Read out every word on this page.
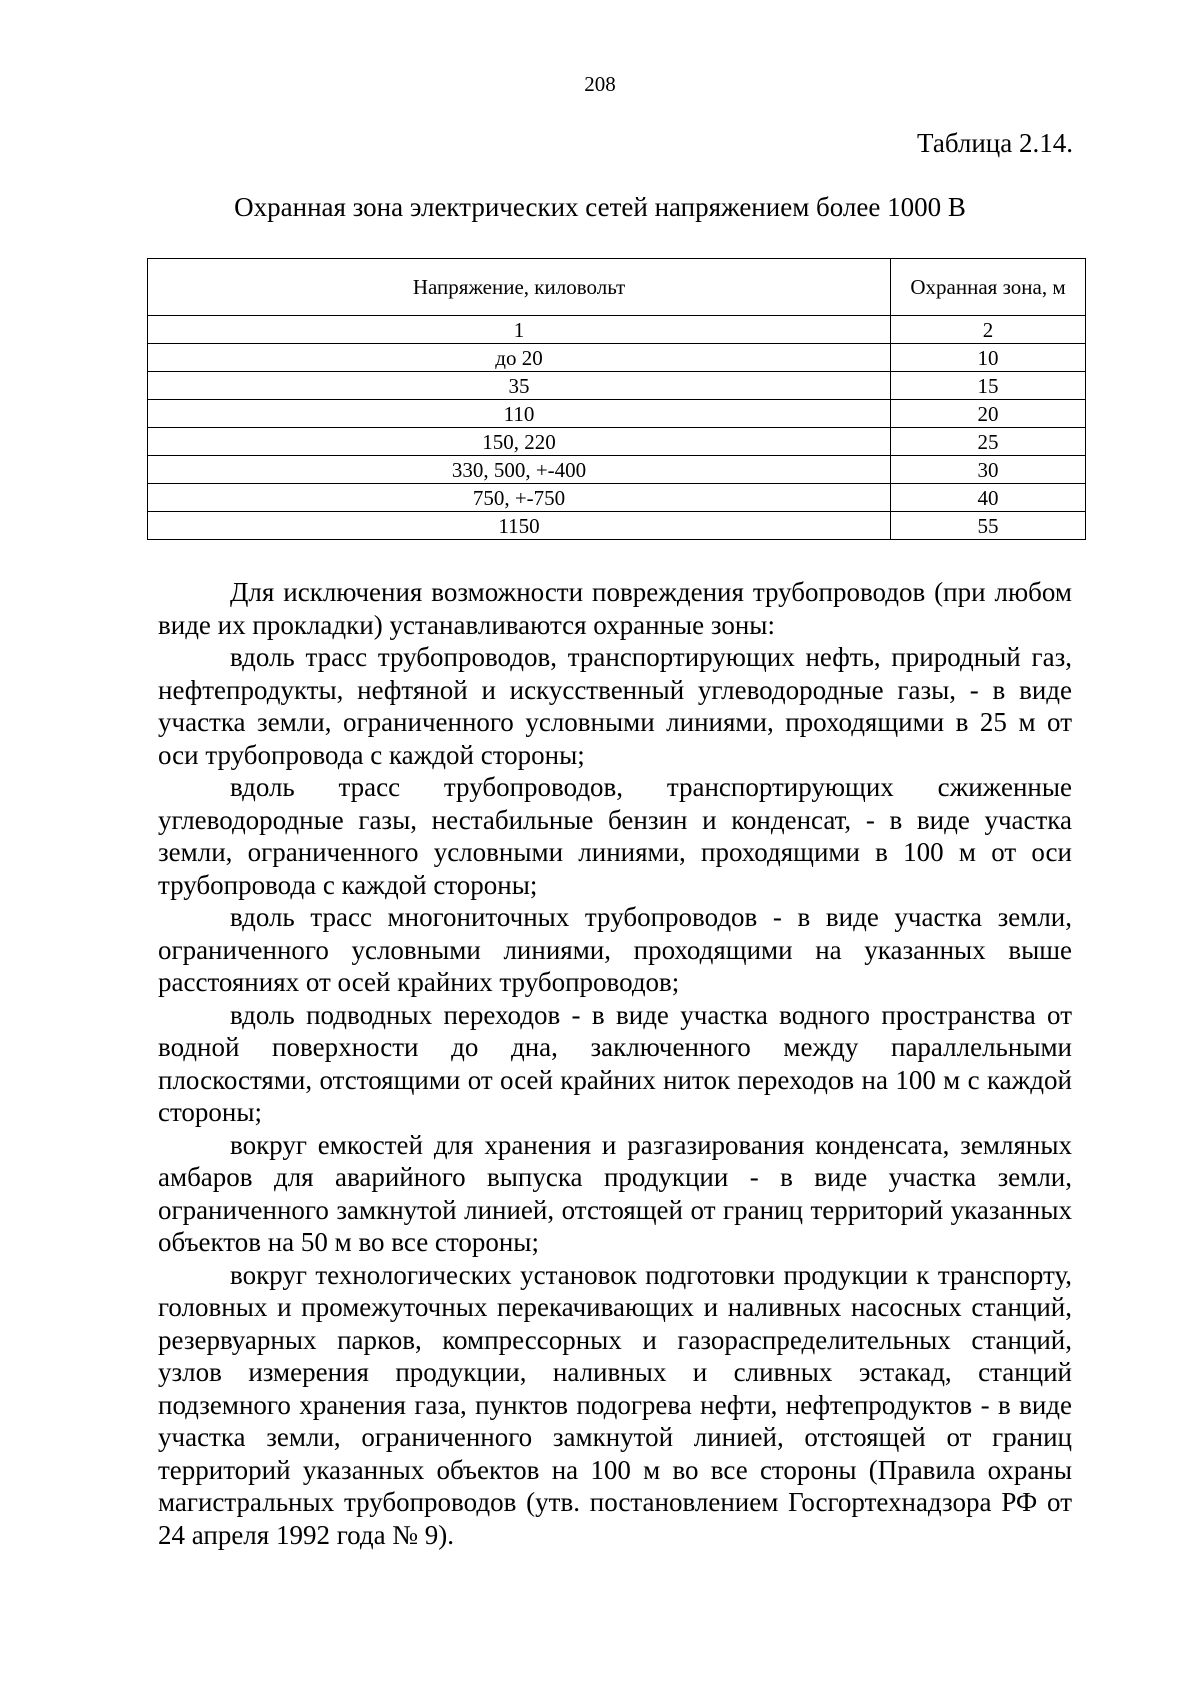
208
Таблица 2.14.
Охранная зона электрических сетей напряжением более 1000 В
Напряжение, киловольт	Охранная зона, м
1	2
до 20	10
35	15
110	20
150, 220	25
330, 500, +-400	30
750, +-750	40
1150	55

Для исключения возможности повреждения трубопроводов (при любом виде их прокладки) устанавливаются охранные зоны:

вдоль трасс трубопроводов, транспортирующих нефть, природный газ, нефтепродукты, нефтяной и искусственный углеводородные газы, - в виде участка земли, ограниченного условными линиями, проходящими в 25 м от оси трубопровода с каждой стороны;

вдоль трасс трубопроводов, транспортирующих сжиженные углеводородные газы, нестабильные бензин и конденсат, - в виде участка земли, ограниченного условными линиями, проходящими в 100 м от оси трубопровода с каждой стороны;

вдоль трасс многониточных трубопроводов - в виде участка земли, ограниченного условными линиями, проходящими на указанных выше расстояниях от осей крайних трубопроводов;

вдоль подводных переходов - в виде участка водного пространства от водной поверхности до дна, заключенного между параллельными плоскостями, отстоящими от осей крайних ниток переходов на 100 м с каждой стороны;

вокруг емкостей для хранения и разгазирования конденсата, земляных амбаров для аварийного выпуска продукции - в виде участка земли, ограниченного замкнутой линией, отстоящей от границ территорий указанных объектов на 50 м во все стороны;

вокруг технологических установок подготовки продукции к транспорту, головных и промежуточных перекачивающих и наливных насосных станций, резервуарных парков, компрессорных и газораспределительных станций, узлов измерения продукции, наливных и сливных эстакад, станций подземного хранения газа, пунктов подогрева нефти, нефтепродуктов - в виде участка земли, ограниченного замкнутой линией, отстоящей от границ территорий указанных объектов на 100 м во все стороны (Правила охраны магистральных трубопроводов (утв. постановлением Госгортехнадзора РФ от 24 апреля 1992 года № 9).
